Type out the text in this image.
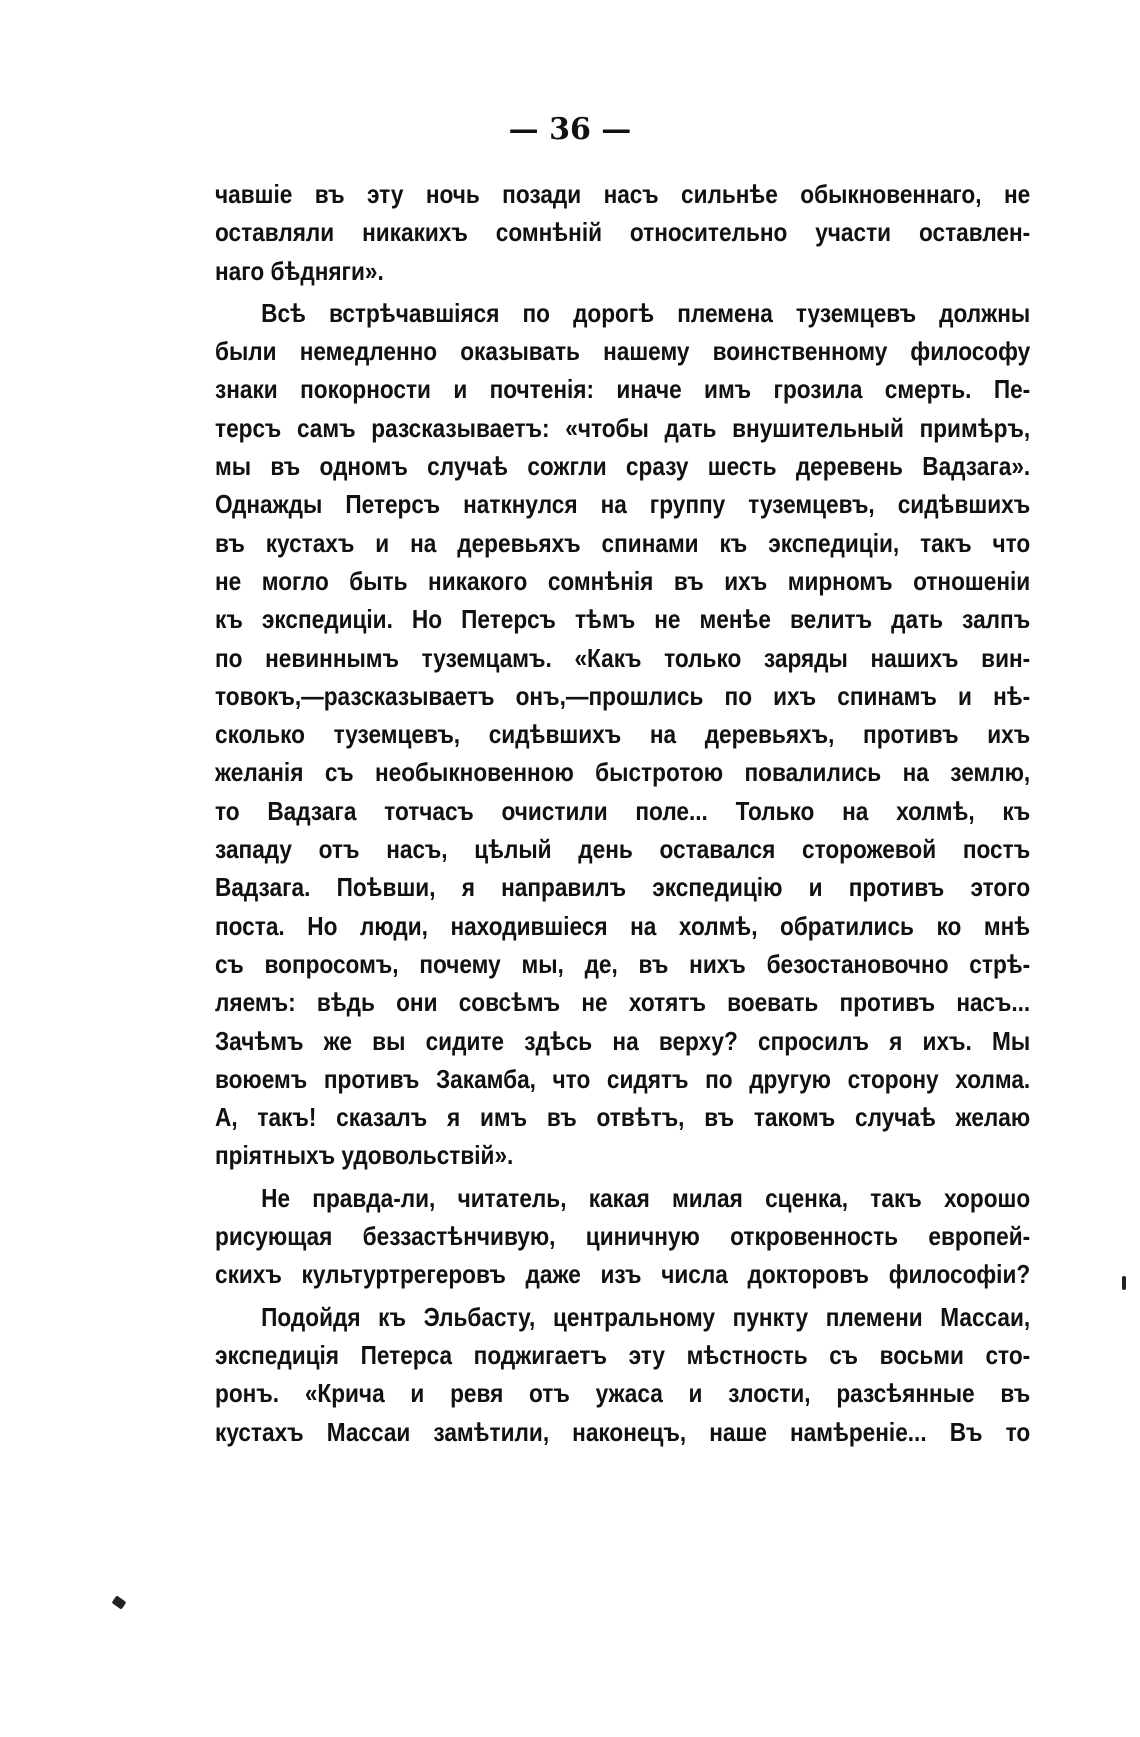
— 36 —
чавшіе въ эту ночь позади насъ сильнѣе обыкновеннаго, не
оставляли никакихъ сомнѣній относительно участи оставлен-
наго бѣдняги».
Всѣ встрѣчавшіяся по дорогѣ племена туземцевъ должны
были немедленно оказывать нашему воинственному философу
знаки покорности и почтенія: иначе имъ грозила смерть. Пе-
терсъ самъ разсказываетъ: «чтобы дать внушительный примѣръ,
мы въ одномъ случаѣ сожгли сразу шесть деревень Вадзага».
Однажды Петерсъ наткнулся на группу туземцевъ, сидѣвшихъ
въ кустахъ и на деревьяхъ спинами къ экспедиціи, такъ что
не могло быть никакого сомнѣнія въ ихъ мирномъ отношеніи
къ экспедиціи. Но Петерсъ тѣмъ не менѣе велитъ дать залпъ
по невиннымъ туземцамъ. «Какъ только заряды нашихъ вин-
товокъ,—разсказываетъ онъ,—прошлись по ихъ спинамъ и нѣ-
сколько туземцевъ, сидѣвшихъ на деревьяхъ, противъ ихъ
желанія съ необыкновенною быстротою повалились на землю,
то Вадзага тотчасъ очистили поле... Только на холмѣ, къ
западу отъ насъ, цѣлый день оставался сторожевой постъ
Вадзага. Поѣвши, я направилъ экспедицію и противъ этого
поста. Но люди, находившіеся на холмѣ, обратились ко мнѣ
съ вопросомъ, почему мы, де, въ нихъ безостановочно стрѣ-
ляемъ: вѣдь они совсѣмъ не хотятъ воевать противъ насъ...
Зачѣмъ же вы сидите здѣсь на верху? спросилъ я ихъ. Мы
воюемъ противъ Закамба, что сидятъ по другую сторону холма.
А, такъ! сказалъ я имъ въ отвѣтъ, въ такомъ случаѣ желаю
пріятныхъ удовольствій».
Не правда-ли, читатель, какая милая сценка, такъ хорошо
рисующая беззастѣнчивую, циничную откровенность европей-
скихъ культуртрегеровъ даже изъ числа докторовъ философіи?
Подойдя къ Эльбасту, центральному пункту племени Массаи,
экспедиція Петерса поджигаетъ эту мѣстность съ восьми сто-
ронъ. «Крича и ревя отъ ужаса и злости, разсѣянные въ
кустахъ Массаи замѣтили, наконецъ, наше намѣреніе... Въ то
